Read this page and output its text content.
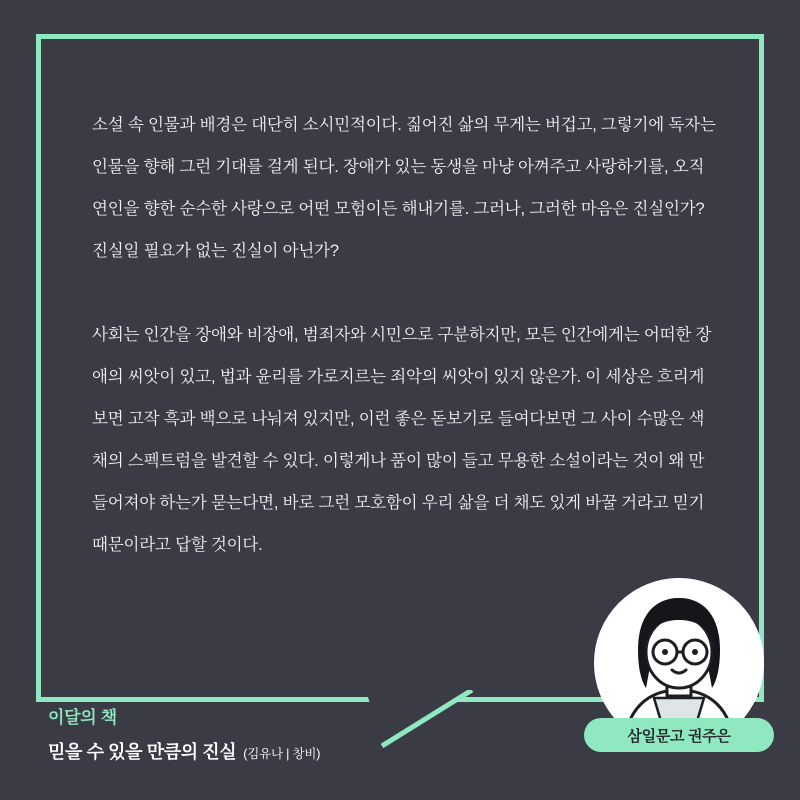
소설 속 인물과 배경은 대단히 소시민적이다. 짊어진 삶의 무게는 버겁고, 그렇기에 독자는 인물을 향해 그런 기대를 걸게 된다. 장애가 있는 동생을 마냥 아껴주고 사랑하기를, 오직 연인을 향한 순수한 사랑으로 어떤 모험이든 해내기를. 그러나, 그러한 마음은 진실인가? 진실일 필요가 없는 진실이 아닌가?

사회는 인간을 장애와 비장애, 범죄자와 시민으로 구분하지만, 모든 인간에게는 어떠한 장애의 씨앗이 있고, 법과 윤리를 가로지르는 죄악의 씨앗이 있지 않은가. 이 세상은 흐리게 보면 고작 흑과 백으로 나눠져 있지만, 이런 좋은 돋보기로 들여다보면 그 사이 수많은 색채의 스펙트럼을 발견할 수 있다. 이렇게나 품이 많이 들고 무용한 소설이라는 것이 왜 만들어져야 하는가 묻는다면, 바로 그런 모호함이 우리 삶을 더 채도 있게 바꿀 거라고 믿기 때문이라고 답할 것이다.

이달의 책
믿을 수 있을 만큼의 진실 (김유나 | 창비)
삼일문고 권주은
